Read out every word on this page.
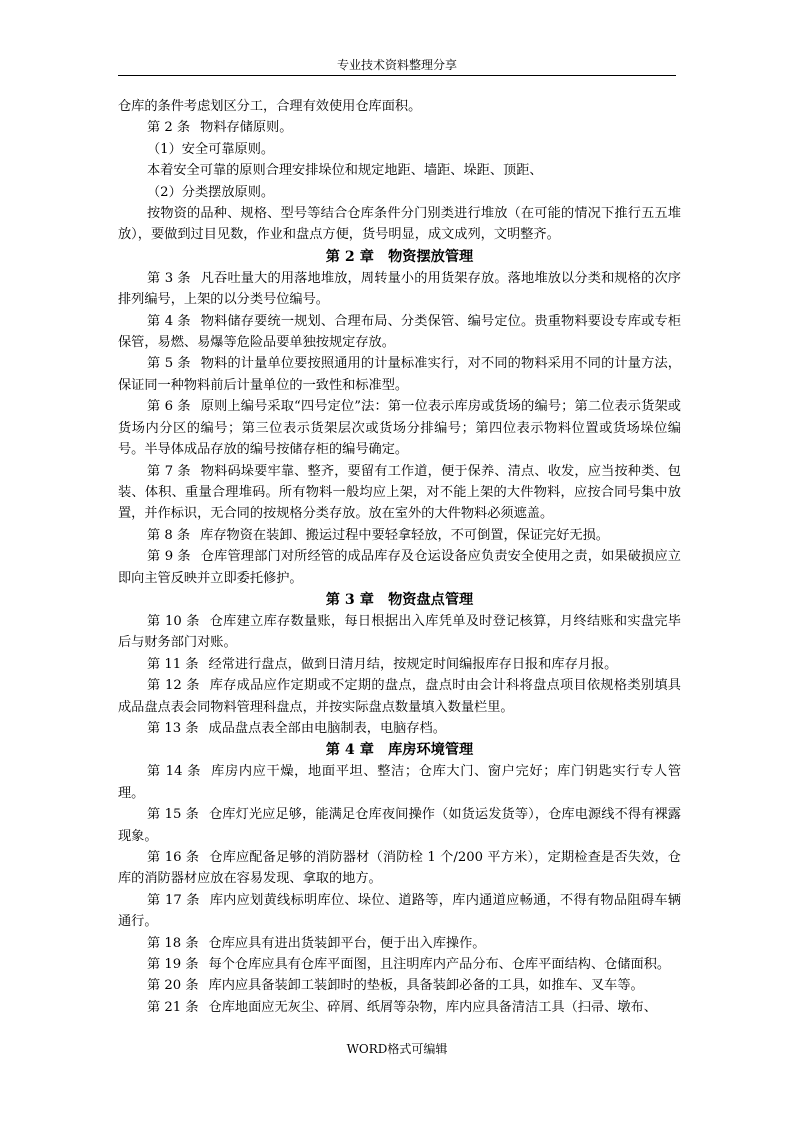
专业技术资料整理分享

仓库的条件考虑划区分工，合理有效使用仓库面积。

第 2 条 物料存储原则。

（1）安全可靠原则。

本着安全可靠的原则合理安排垛位和规定地距、墙距、垛距、顶距、

（2）分类摆放原则。

按物资的品种、规格、型号等结合仓库条件分门别类进行堆放（在可能的情况下推行五五堆放），要做到过目见数，作业和盘点方便，货号明显，成文成列，文明整齐。

第 2 章　物资摆放管理

第 3 条 凡吞吐量大的用落地堆放，周转量小的用货架存放。落地堆放以分类和规格的次序排列编号，上架的以分类号位编号。

第 4 条 物料储存要统一规划、合理布局、分类保管、编号定位。贵重物料要设专库或专柜保管，易燃、易爆等危险品要单独按规定存放。

第 5 条 物料的计量单位要按照通用的计量标准实行，对不同的物料采用不同的计量方法，保证同一种物料前后计量单位的一致性和标准型。

第 6 条 原则上编号采取“四号定位”法：第一位表示库房或货场的编号；第二位表示货架或货场内分区的编号；第三位表示货架层次或货场分排编号；第四位表示物料位置或货场垛位编号。半导体成品存放的编号按储存柜的编号确定。

第 7 条 物料码垛要牢靠、整齐，要留有工作道，便于保养、清点、收发，应当按种类、包装、体积、重量合理堆码。所有物料一般均应上架，对不能上架的大件物料，应按合同号集中放置，并作标识，无合同的按规格分类存放。放在室外的大件物料必须遮盖。

第 8 条 库存物资在装卸、搬运过程中要轻拿轻放，不可倒置，保证完好无损。

第 9 条 仓库管理部门对所经管的成品库存及仓运设备应负责安全使用之责，如果破损应立即向主管反映并立即委托修护。

第 3 章　物资盘点管理

第 10 条 仓库建立库存数量账，每日根据出入库凭单及时登记核算，月终结账和实盘完毕后与财务部门对账。

第 11 条 经常进行盘点，做到日清月结，按规定时间编报库存日报和库存月报。

第 12 条 库存成品应作定期或不定期的盘点，盘点时由会计科将盘点项目依规格类别填具成品盘点表会同物料管理科盘点，并按实际盘点数量填入数量栏里。

第 13 条 成品盘点表全部由电脑制表，电脑存档。

第 4 章　库房环境管理

第 14 条 库房内应干燥，地面平坦、整洁；仓库大门、窗户完好；库门钥匙实行专人管理。

第 15 条 仓库灯光应足够，能满足仓库夜间操作（如货运发货等），仓库电源线不得有裸露现象。

第 16 条 仓库应配备足够的消防器材（消防栓 1 个/200 平方米），定期检查是否失效，仓库的消防器材应放在容易发现、拿取的地方。

第 17 条 库内应划黄线标明库位、垛位、道路等，库内通道应畅通，不得有物品阻碍车辆通行。

第 18 条 仓库应具有进出货装卸平台，便于出入库操作。

第 19 条 每个仓库应具有仓库平面图，且注明库内产品分布、仓库平面结构、仓储面积。

第 20 条 库内应具备装卸工装卸时的垫板，具备装卸必备的工具，如推车、叉车等。

第 21 条 仓库地面应无灰尘、碎屑、纸屑等杂物，库内应具备清洁工具（扫帚、墩布、

WORD格式可编辑
